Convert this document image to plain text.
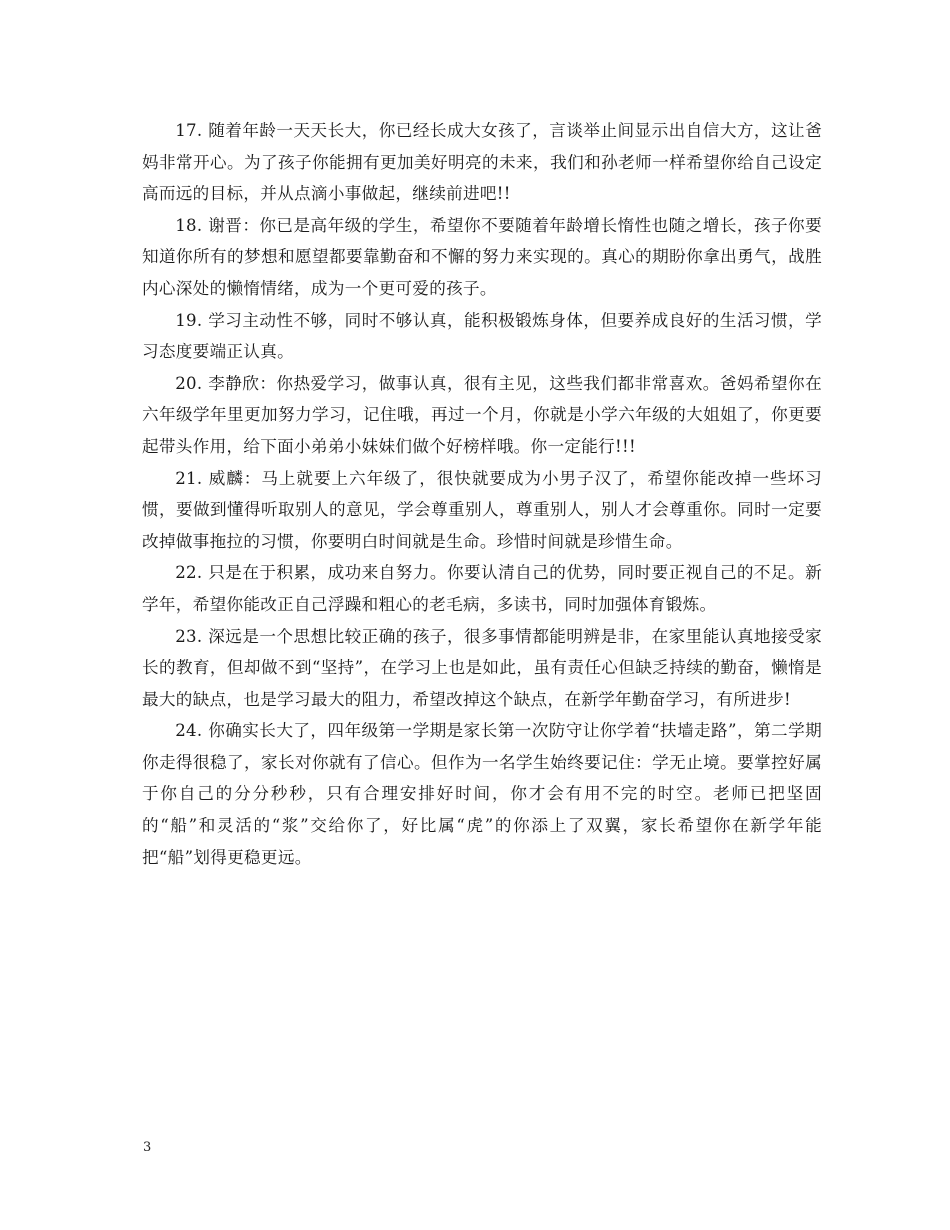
17. 随着年龄一天天长大，你已经长成大女孩了，言谈举止间显示出自信大方，这让爸妈非常开心。为了孩子你能拥有更加美好明亮的未来，我们和孙老师一样希望你给自己设定高而远的目标，并从点滴小事做起，继续前进吧!!

18. 谢晋：你已是高年级的学生，希望你不要随着年龄增长惰性也随之增长，孩子你要知道你所有的梦想和愿望都要靠勤奋和不懈的努力来实现的。真心的期盼你拿出勇气，战胜内心深处的懒惰情绪，成为一个更可爱的孩子。

19. 学习主动性不够，同时不够认真，能积极锻炼身体，但要养成良好的生活习惯，学习态度要端正认真。

20. 李静欣：你热爱学习，做事认真，很有主见，这些我们都非常喜欢。爸妈希望你在六年级学年里更加努力学习，记住哦，再过一个月，你就是小学六年级的大姐姐了，你更要起带头作用，给下面小弟弟小妹妹们做个好榜样哦。你一定能行!!!

21. 威麟：马上就要上六年级了，很快就要成为小男子汉了，希望你能改掉一些坏习惯，要做到懂得听取别人的意见，学会尊重别人，尊重别人，别人才会尊重你。同时一定要改掉做事拖拉的习惯，你要明白时间就是生命。珍惜时间就是珍惜生命。

22. 只是在于积累，成功来自努力。你要认清自己的优势，同时要正视自己的不足。新学年，希望你能改正自己浮躁和粗心的老毛病，多读书，同时加强体育锻炼。

23. 深远是一个思想比较正确的孩子，很多事情都能明辨是非，在家里能认真地接受家长的教育，但却做不到“坚持”，在学习上也是如此，虽有责任心但缺乏持续的勤奋，懒惰是最大的缺点，也是学习最大的阻力，希望改掉这个缺点，在新学年勤奋学习，有所进步!

24. 你确实长大了，四年级第一学期是家长第一次防守让你学着“扶墙走路”，第二学期你走得很稳了，家长对你就有了信心。但作为一名学生始终要记住：学无止境。要掌控好属于你自己的分分秒秒，只有合理安排好时间，你才会有用不完的时空。老师已把坚固的“船”和灵活的“浆”交给你了，好比属“虎”的你添上了双翼，家长希望你在新学年能把“船”划得更稳更远。

3
